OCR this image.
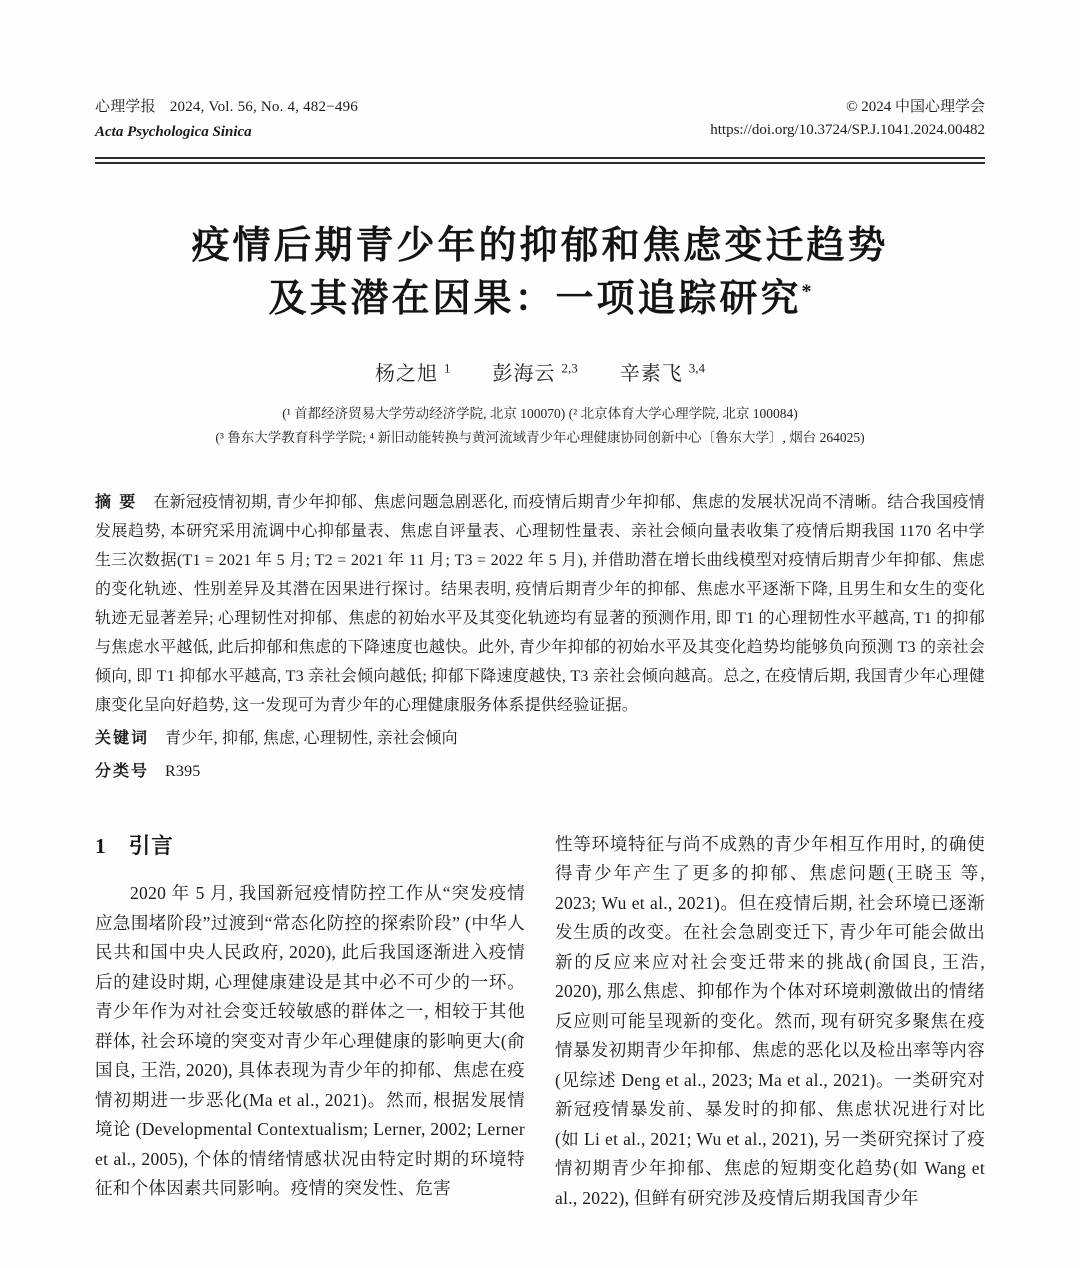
心理学报 2024, Vol. 56, No. 4, 482−496
Acta Psychologica Sinica
© 2024 中国心理学会
https://doi.org/10.3724/SP.J.1041.2024.00482
疫情后期青少年的抑郁和焦虑变迁趋势
及其潜在因果：一项追踪研究*
杨之旭 $^1$ 彭海云 $^{2,3}$ 辛素飞 $^{3,4}$
(¹ 首都经济贸易大学劳动经济学院, 北京 100070) (² 北京体育大学心理学院, 北京 100084)
(³ 鲁东大学教育科学学院; ⁴ 新旧动能转换与黄河流域青少年心理健康协同创新中心〔鲁东大学〕, 烟台 264025)

摘 要 在新冠疫情初期, 青少年抑郁、焦虑问题急剧恶化, 而疫情后期青少年抑郁、焦虑的发展状况尚不清晰。结合我国疫情发展趋势, 本研究采用流调中心抑郁量表、焦虑自评量表、心理韧性量表、亲社会倾向量表收集了疫情后期我国 1170 名中学生三次数据(T1 = 2021 年 5 月; T2 = 2021 年 11 月; T3 = 2022 年 5 月), 并借助潜在增长曲线模型对疫情后期青少年抑郁、焦虑的变化轨迹、性别差异及其潜在因果进行探讨。结果表明, 疫情后期青少年的抑郁、焦虑水平逐渐下降, 且男生和女生的变化轨迹无显著差异; 心理韧性对抑郁、焦虑的初始水平及其变化轨迹均有显著的预测作用, 即 T1 的心理韧性水平越高, T1 的抑郁与焦虑水平越低, 此后抑郁和焦虑的下降速度也越快。此外, 青少年抑郁的初始水平及其变化趋势均能够负向预测 T3 的亲社会倾向, 即 T1 抑郁水平越高, T3 亲社会倾向越低; 抑郁下降速度越快, T3 亲社会倾向越高。总之, 在疫情后期, 我国青少年心理健康变化呈向好趋势, 这一发现可为青少年的心理健康服务体系提供经验证据。

关键词 青少年, 抑郁, 焦虑, 心理韧性, 亲社会倾向

分类号 R395

1 引言

2020 年 5 月, 我国新冠疫情防控工作从“突发疫情应急围堵阶段”过渡到“常态化防控的探索阶段” (中华人民共和国中央人民政府, 2020), 此后我国逐渐进入疫情后的建设时期, 心理健康建设是其中必不可少的一环。青少年作为对社会变迁较敏感的群体之一, 相较于其他群体, 社会环境的突变对青少年心理健康的影响更大(俞国良, 王浩, 2020), 具体表现为青少年的抑郁、焦虑在疫情初期进一步恶化(Ma et al., 2021)。然而, 根据发展情境论 (Developmental Contextualism; Lerner, 2002; Lerner et al., 2005), 个体的情绪情感状况由特定时期的环境特征和个体因素共同影响。疫情的突发性、危害

性等环境特征与尚不成熟的青少年相互作用时, 的确使得青少年产生了更多的抑郁、焦虑问题(王晓玉 等, 2023; Wu et al., 2021)。但在疫情后期, 社会环境已逐渐发生质的改变。在社会急剧变迁下, 青少年可能会做出新的反应来应对社会变迁带来的挑战(俞国良, 王浩, 2020), 那么焦虑、抑郁作为个体对环境刺激做出的情绪反应则可能呈现新的变化。然而, 现有研究多聚焦在疫情暴发初期青少年抑郁、焦虑的恶化以及检出率等内容(见综述 Deng et al., 2023; Ma et al., 2021)。一类研究对新冠疫情暴发前、暴发时的抑郁、焦虑状况进行对比(如 Li et al., 2021; Wu et al., 2021), 另一类研究探讨了疫情初期青少年抑郁、焦虑的短期变化趋势(如 Wang et al., 2022), 但鲜有研究涉及疫情后期我国青少年
